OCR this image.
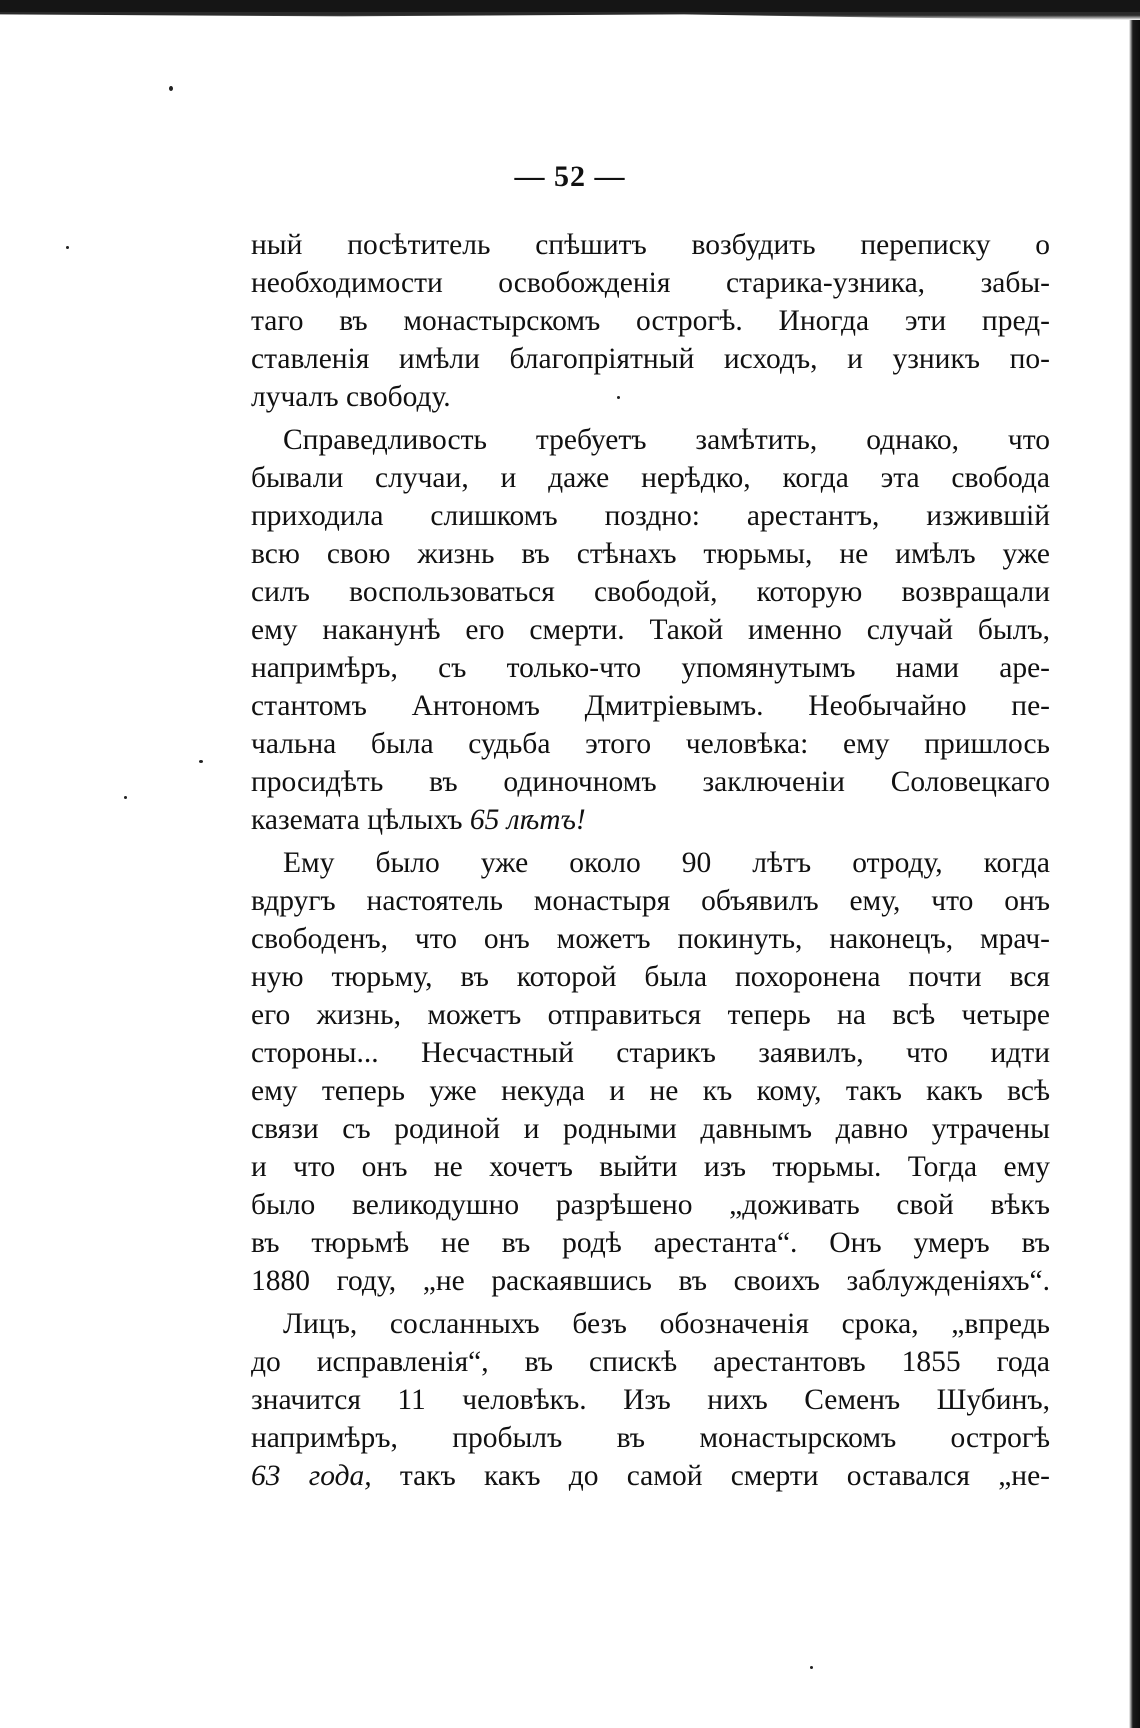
— 52 —
ный посѣтитель спѣшитъ возбудить переписку о
необходимости освобожденія старика-узника, забы-
таго въ монастырскомъ острогѣ. Иногда эти пред-
ставленія имѣли благопріятный исходъ, и узникъ по-
лучалъ свободу.
Справедливость требуетъ замѣтить, однако, что
бывали случаи, и даже нерѣдко, когда эта свобода
приходила слишкомъ поздно: арестантъ, изжившій
всю свою жизнь въ стѣнахъ тюрьмы, не имѣлъ уже
силъ воспользоваться свободой, которую возвращали
ему наканунѣ его смерти. Такой именно случай былъ,
напримѣръ, съ только-что упомянутымъ нами аре-
стантомъ Антономъ Дмитріевымъ. Необычайно пе-
чальна была судьба этого человѣка: ему пришлось
просидѣть въ одиночномъ заключеніи Соловецкаго
каземата цѣлыхъ 65 лѣтъ!
Ему было уже около 90 лѣтъ отроду, когда
вдругъ настоятель монастыря объявилъ ему, что онъ
свободенъ, что онъ можетъ покинуть, наконецъ, мрач-
ную тюрьму, въ которой была похоронена почти вся
его жизнь, можетъ отправиться теперь на всѣ четыре
стороны... Несчастный старикъ заявилъ, что идти
ему теперь уже некуда и не къ кому, такъ какъ всѣ
связи съ родиной и родными давнымъ давно утрачены
и что онъ не хочетъ выйти изъ тюрьмы. Тогда ему
было великодушно разрѣшено „доживать свой вѣкъ
въ тюрьмѣ не въ родѣ арестанта“. Онъ умеръ въ
1880 году, „не раскаявшись въ своихъ заблужденіяхъ“.
Лицъ, сосланныхъ безъ обозначенія срока, „впредь
до исправленія“, въ спискѣ арестантовъ 1855 года
значится 11 человѣкъ. Изъ нихъ Семенъ Шубинъ,
напримѣръ, пробылъ въ монастырскомъ острогѣ
63 года, такъ какъ до самой смерти оставался „не-
